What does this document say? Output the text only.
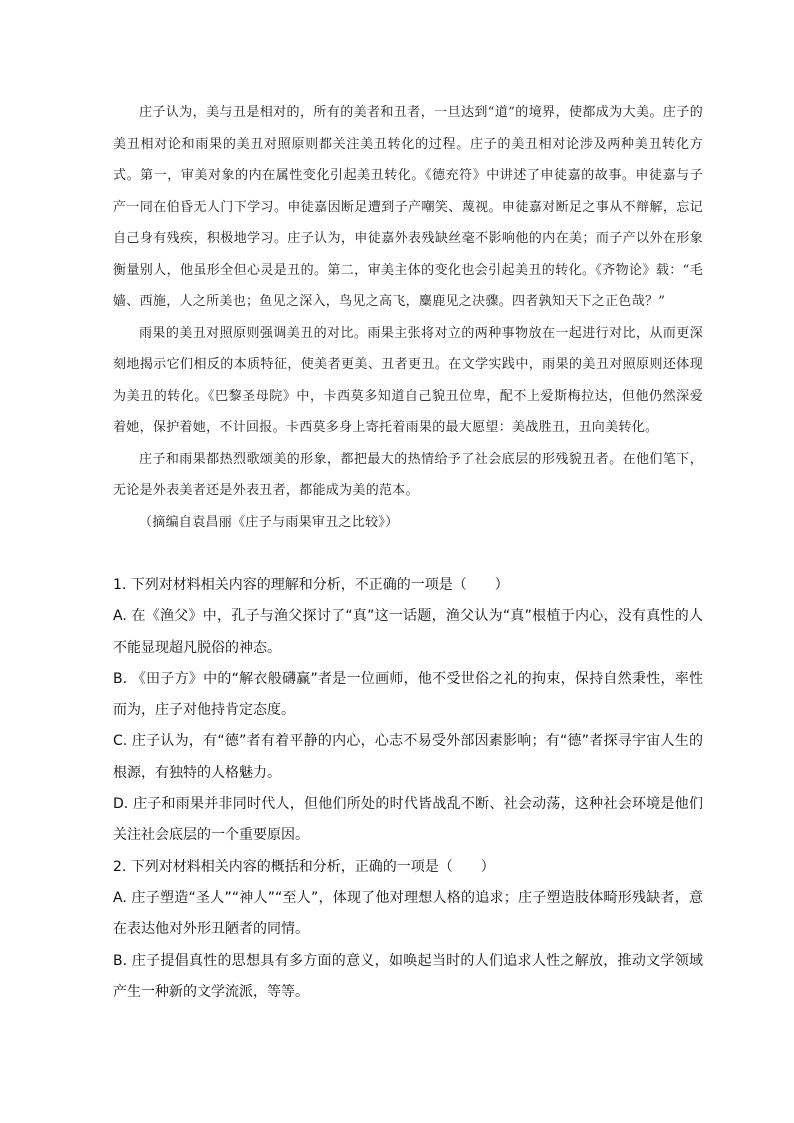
庄子认为，美与丑是相对的，所有的美者和丑者，一旦达到“道”的境界，使都成为大美。庄子的美丑相对论和雨果的美丑对照原则都关注美丑转化的过程。庄子的美丑相对论涉及两种美丑转化方式。第一，审美对象的内在属性变化引起美丑转化。《德充符》中讲述了申徒嘉的故事。申徒嘉与子产一同在伯昏无人门下学习。申徒嘉因断足遭到子产嘲笑、蔑视。申徒嘉对断足之事从不辩解，忘记自己身有残疾，积极地学习。庄子认为，申徒嘉外表残缺丝毫不影响他的内在美；而子产以外在形象衡量别人，他虽形全但心灵是丑的。第二，审美主体的变化也会引起美丑的转化。《齐物论》载：“毛嫱、西施，人之所美也；鱼见之深入，鸟见之高飞，麋鹿见之决骤。四者孰知天下之正色哉？”

雨果的美丑对照原则强调美丑的对比。雨果主张将对立的两种事物放在一起进行对比，从而更深刻地揭示它们相反的本质特征，使美者更美、丑者更丑。在文学实践中，雨果的美丑对照原则还体现为美丑的转化。《巴黎圣母院》中，卡西莫多知道自己貌丑位卑，配不上爱斯梅拉达，但他仍然深爱着她，保护着她，不计回报。卡西莫多身上寄托着雨果的最大愿望：美战胜丑，丑向美转化。

庄子和雨果都热烈歌颂美的形象，都把最大的热情给予了社会底层的形残貌丑者。在他们笔下，无论是外表美者还是外表丑者，都能成为美的范本。

（摘编自袁昌丽《庄子与雨果审丑之比较》）

1. 下列对材料相关内容的理解和分析，不正确的一项是（　　）

A. 在《渔父》中，孔子与渔父探讨了“真”这一话题，渔父认为“真”根植于内心，没有真性的人不能显现超凡脱俗的神态。

B. 《田子方》中的“解衣般礴赢”者是一位画师，他不受世俗之礼的拘束，保持自然秉性，率性而为，庄子对他持肯定态度。

C. 庄子认为，有“德”者有着平静的内心，心志不易受外部因素影响；有“德”者探寻宇宙人生的根源，有独特的人格魅力。

D. 庄子和雨果并非同时代人，但他们所处的时代皆战乱不断、社会动荡，这种社会环境是他们关注社会底层的一个重要原因。

2. 下列对材料相关内容的概括和分析，正确的一项是（　　）

A. 庄子塑造“圣人”“神人”“至人”，体现了他对理想人格的追求；庄子塑造肢体畸形残缺者，意在表达他对外形丑陋者的同情。

B. 庄子提倡真性的思想具有多方面的意义，如唤起当时的人们追求人性之解放，推动文学领域产生一种新的文学流派，等等。
